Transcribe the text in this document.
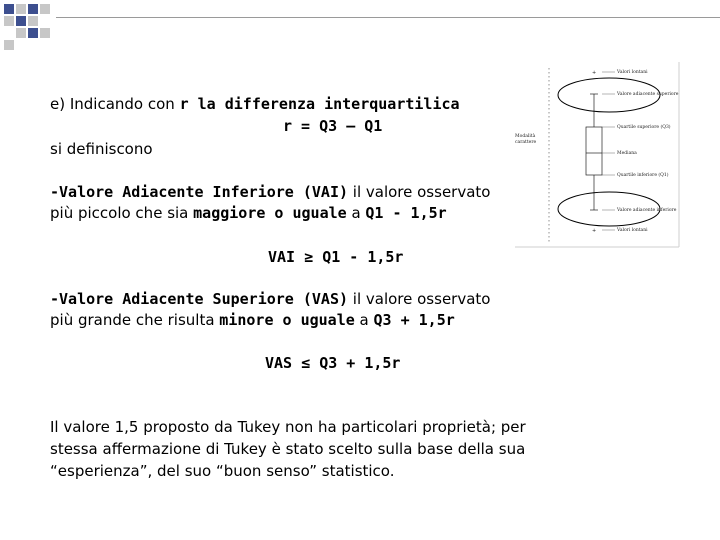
e) Indicando con r la differenza interquartilica
r = Q3 – Q1
si definiscono
-Valore Adiacente Inferiore (VAI) il valore osservato
più piccolo che sia maggiore o uguale a Q1 - 1,5r
VAI ≥ Q1 - 1,5r
-Valore Adiacente Superiore (VAS) il valore osservato
più grande che risulta minore o uguale a Q3 + 1,5r
VAS ≤ Q3 + 1,5r
Il valore 1,5 proposto da Tukey non ha particolari proprietà; per
stessa affermazione di Tukey è stato scelto sulla base della sua
“esperienza”, del suo “buon senso” statistico.
+
+
Valori lontani
Valore adiacente superiore
Quartile superiore (Q3)
Mediana
Quartile inferiore (Q1)
Valore adiacente inferiore
Valori lontani
Modalità
carattere
